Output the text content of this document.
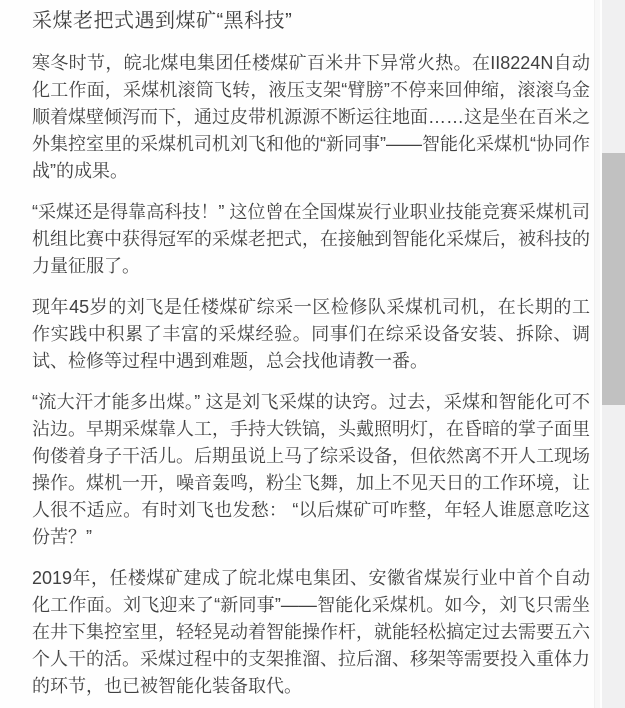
采煤老把式遇到煤矿“黑科技”

寒冬时节，皖北煤电集团任楼煤矿百米井下异常火热。在II8224N自动化工作面，采煤机滚筒飞转，液压支架“臂膀”不停来回伸缩，滚滚乌金顺着煤壁倾泻而下，通过皮带机源源不断运往地面……这是坐在百米之外集控室里的采煤机司机刘飞和他的“新同事”——智能化采煤机“协同作战”的成果。

“采煤还是得靠高科技！” 这位曾在全国煤炭行业职业技能竞赛采煤机司机组比赛中获得冠军的采煤老把式，在接触到智能化采煤后，被科技的力量征服了。

现年45岁的刘飞是任楼煤矿综采一区检修队采煤机司机，在长期的工作实践中积累了丰富的采煤经验。同事们在综采设备安装、拆除、调试、检修等过程中遇到难题，总会找他请教一番。

“流大汗才能多出煤。” 这是刘飞采煤的诀窍。过去，采煤和智能化可不沾边。早期采煤靠人工，手持大铁镐，头戴照明灯，在昏暗的掌子面里佝偻着身子干活儿。后期虽说上马了综采设备，但依然离不开人工现场操作。煤机一开，噪音轰鸣，粉尘飞舞，加上不见天日的工作环境，让人很不适应。有时刘飞也发愁： “以后煤矿可咋整，年轻人谁愿意吃这份苦？”

2019年，任楼煤矿建成了皖北煤电集团、安徽省煤炭行业中首个自动化工作面。刘飞迎来了“新同事”——智能化采煤机。如今，刘飞只需坐在井下集控室里，轻轻晃动着智能操作杆，就能轻松搞定过去需要五六个人干的活。采煤过程中的支架推溜、拉后溜、移架等需要投入重体力的环节，也已被智能化装备取代。
